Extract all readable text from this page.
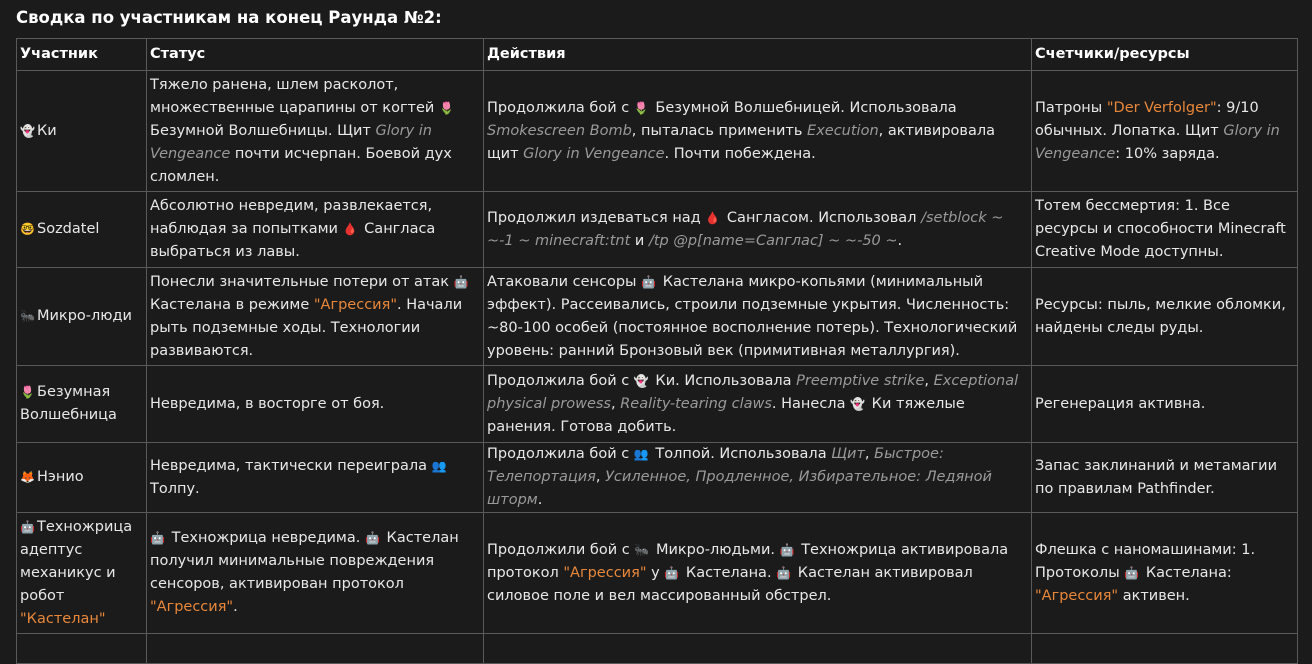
Сводка по участникам на конец Раунда №2:
Участник	Статус	Действия	Счетчики/ресурсы
👻 Ки	Тяжело ранена, шлем расколот, множественные царапины от когтей 🌷 Безумной Волшебницы. Щит Glory in Vengeance почти исчерпан. Боевой дух сломлен.	Продолжила бой с 🌷 Безумной Волшебницей. Использовала Smokescreen Bomb, пыталась применить Execution, активировала щит Glory in Vengeance. Почти побеждена.	Патроны "Der Verfolger": 9/10 обычных. Лопатка. Щит Glory in Vengeance: 10% заряда.
🤓 Sozdatel	Абсолютно невредим, развлекается, наблюдая за попытками 🩸 Сангласа выбраться из лавы.	Продолжил издеваться над 🩸 Сангласом. Использовал /setblock ~ ~-1 ~ minecraft:tnt и /tp @p[name=Сanглас] ~ ~-50 ~.	Тотем бессмертия: 1. Все ресурсы и способности Minecraft Creative Mode доступны.
🐜 Микро-люди	Понесли значительные потери от атак 🤖 Кастелана в режиме "Агрессия". Начали рыть подземные ходы. Технологии развиваются.	Атаковали сенсоры 🤖 Кастелана микро-копьями (минимальный эффект). Рассеивались, строили подземные укрытия. Численность: ~80-100 особей (постоянное восполнение потерь). Технологический уровень: ранний Бронзовый век (примитивная металлургия).	Ресурсы: пыль, мелкие обломки, найдены следы руды.
🌷 Безумная Волшебница	Невредима, в восторге от боя.	Продолжила бой с 👻 Ки. Использовала Preemptive strike, Exceptional physical prowess, Reality-tearing claws. Нанесла 👻 Ки тяжелые ранения. Готова добить.	Регенерация активна.
🦊 Нэнио	Невредима, тактически переиграла 👥 Толпу.	Продолжила бой с 👥 Толпой. Использовала Щит, Быстрое: Телепортация, Усиленное, Продленное, Избирательное: Ледяной шторм.	Запас заклинаний и метамагии по правилам Pathfinder.
🤖 Техножрица адептус механикус и робот "Кастелан"	🤖 Техножрица невредима. 🤖 Кастелан получил минимальные повреждения сенсоров, активирован протокол "Агрессия".	Продолжили бой с 🐜 Микро-людьми. 🤖 Техножрица активировала протокол "Агрессия" у 🤖 Кастелана. 🤖 Кастелан активировал силовое поле и вел массированный обстрел.	Флешка с наномашинами: 1. Протоколы 🤖 Кастелана: "Агрессия" активен.
